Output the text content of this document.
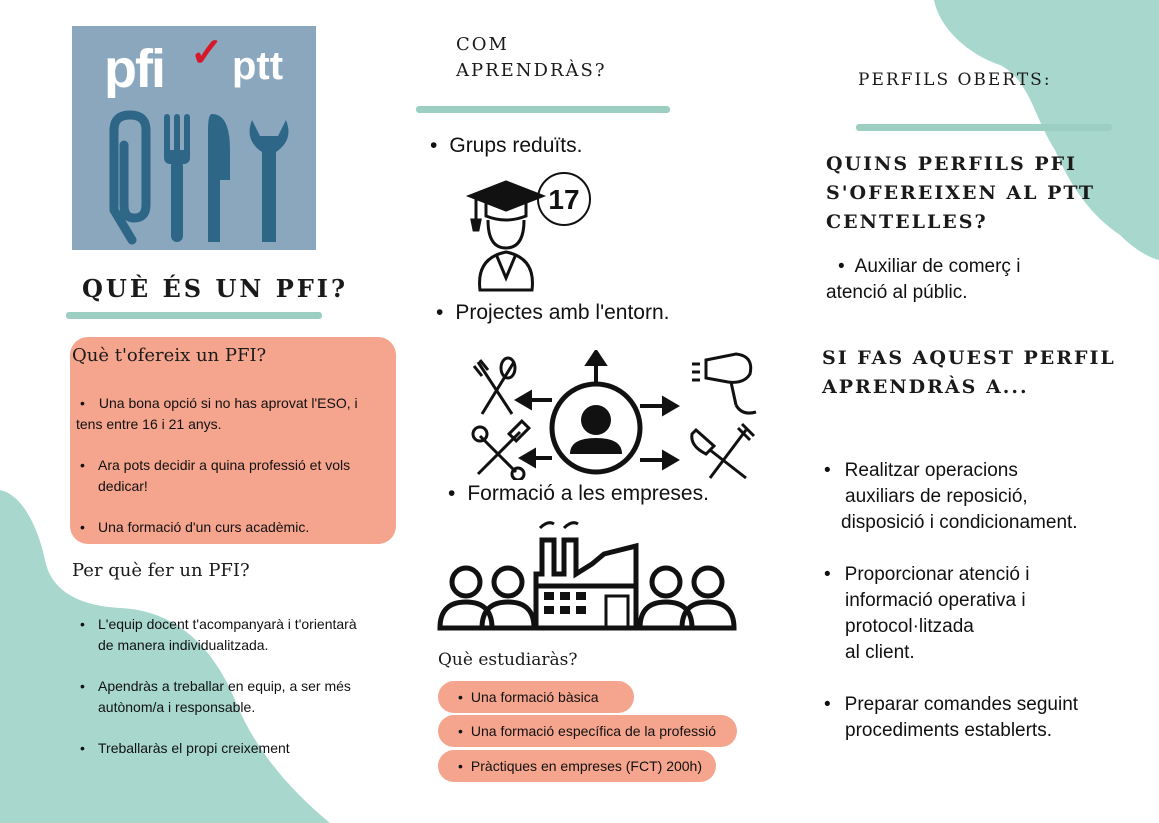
pfi ✓ ptt
QUÈ ÉS UN PFI?
Què t'ofereix un PFI?
• Una bona opció si no has aprovat l'ESO, i tens entre 16 i 21 anys.
• Ara pots decidir a quina professió et vols dedicar!
• Una formació d'un curs acadèmic.
Per què fer un PFI?
• L'equip docent t'acompanyarà i t'orientarà de manera individualitzada.
• Apendràs a treballar en equip, a ser més autònom/a i responsable.
• Treballaràs el propi creixement
COM
APRENDRÀS?
• Grups reduïts.
17
• Projectes amb l'entorn.
• Formació a les empreses.
Què estudiaràs?
• Una formació bàsica
• Una formació específica de la professió
• Pràctiques en empreses (FCT) 200h)
PERFILS OBERTS:
QUINS PERFILS PFI
S'OFEREIXEN AL PTT
CENTELLES?
• Auxiliar de comerç i
atenció al públic.
SI FAS AQUEST PERFIL
APRENDRÀS A...
• Realitzar operacions
auxiliars de reposició,
disposició i condicionament.
• Proporcionar atenció i
informació operativa i
protocol·litzada
al client.
• Preparar comandes seguint
procediments establerts.
